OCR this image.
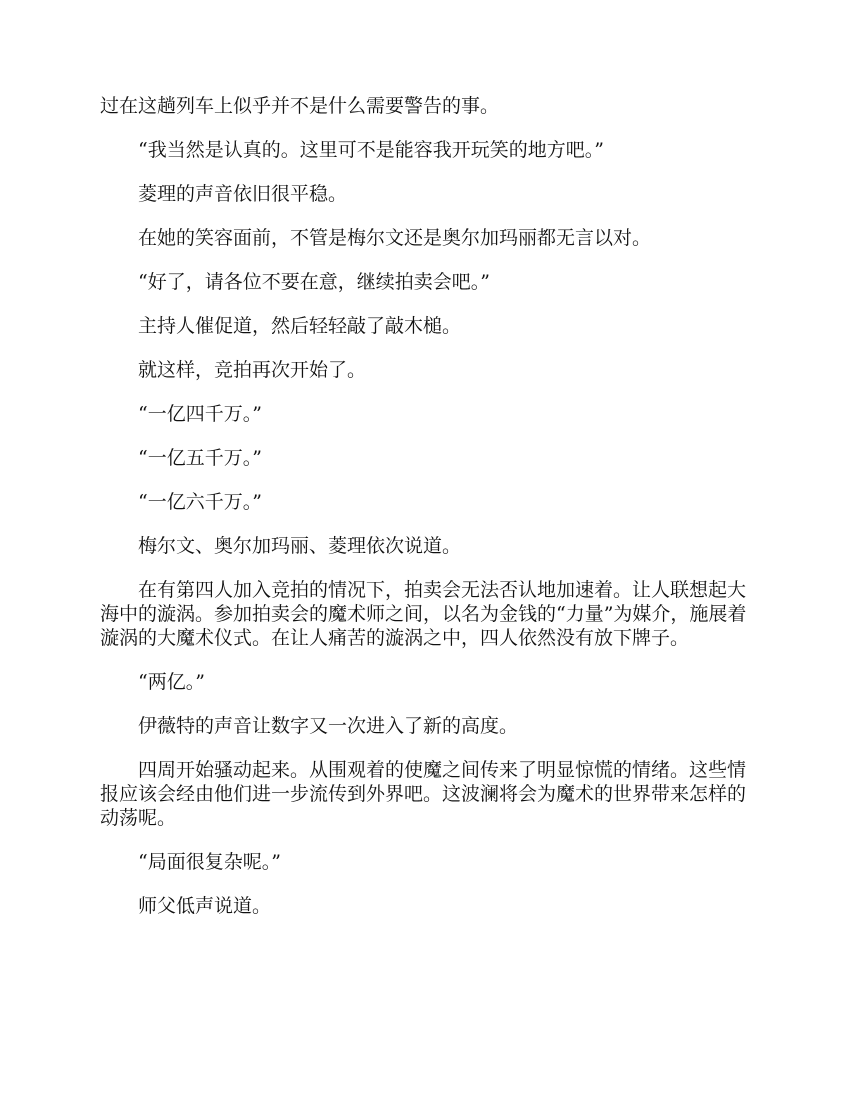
过在这趟列车上似乎并不是什么需要警告的事。

“我当然是认真的。这里可不是能容我开玩笑的地方吧。”

菱理的声音依旧很平稳。

在她的笑容面前，不管是梅尔文还是奥尔加玛丽都无言以对。

“好了，请各位不要在意，继续拍卖会吧。”

主持人催促道，然后轻轻敲了敲木槌。

就这样，竞拍再次开始了。

“一亿四千万。”

“一亿五千万。”

“一亿六千万。”

梅尔文、奥尔加玛丽、菱理依次说道。

在有第四人加入竞拍的情况下，拍卖会无法否认地加速着。让人联想起大海中的漩涡。参加拍卖会的魔术师之间，以名为金钱的“力量”为媒介，施展着漩涡的大魔术仪式。在让人痛苦的漩涡之中，四人依然没有放下牌子。

“两亿。”

伊薇特的声音让数字又一次进入了新的高度。

四周开始骚动起来。从围观着的使魔之间传来了明显惊慌的情绪。这些情报应该会经由他们进一步流传到外界吧。这波澜将会为魔术的世界带来怎样的动荡呢。

“局面很复杂呢。”

师父低声说道。
